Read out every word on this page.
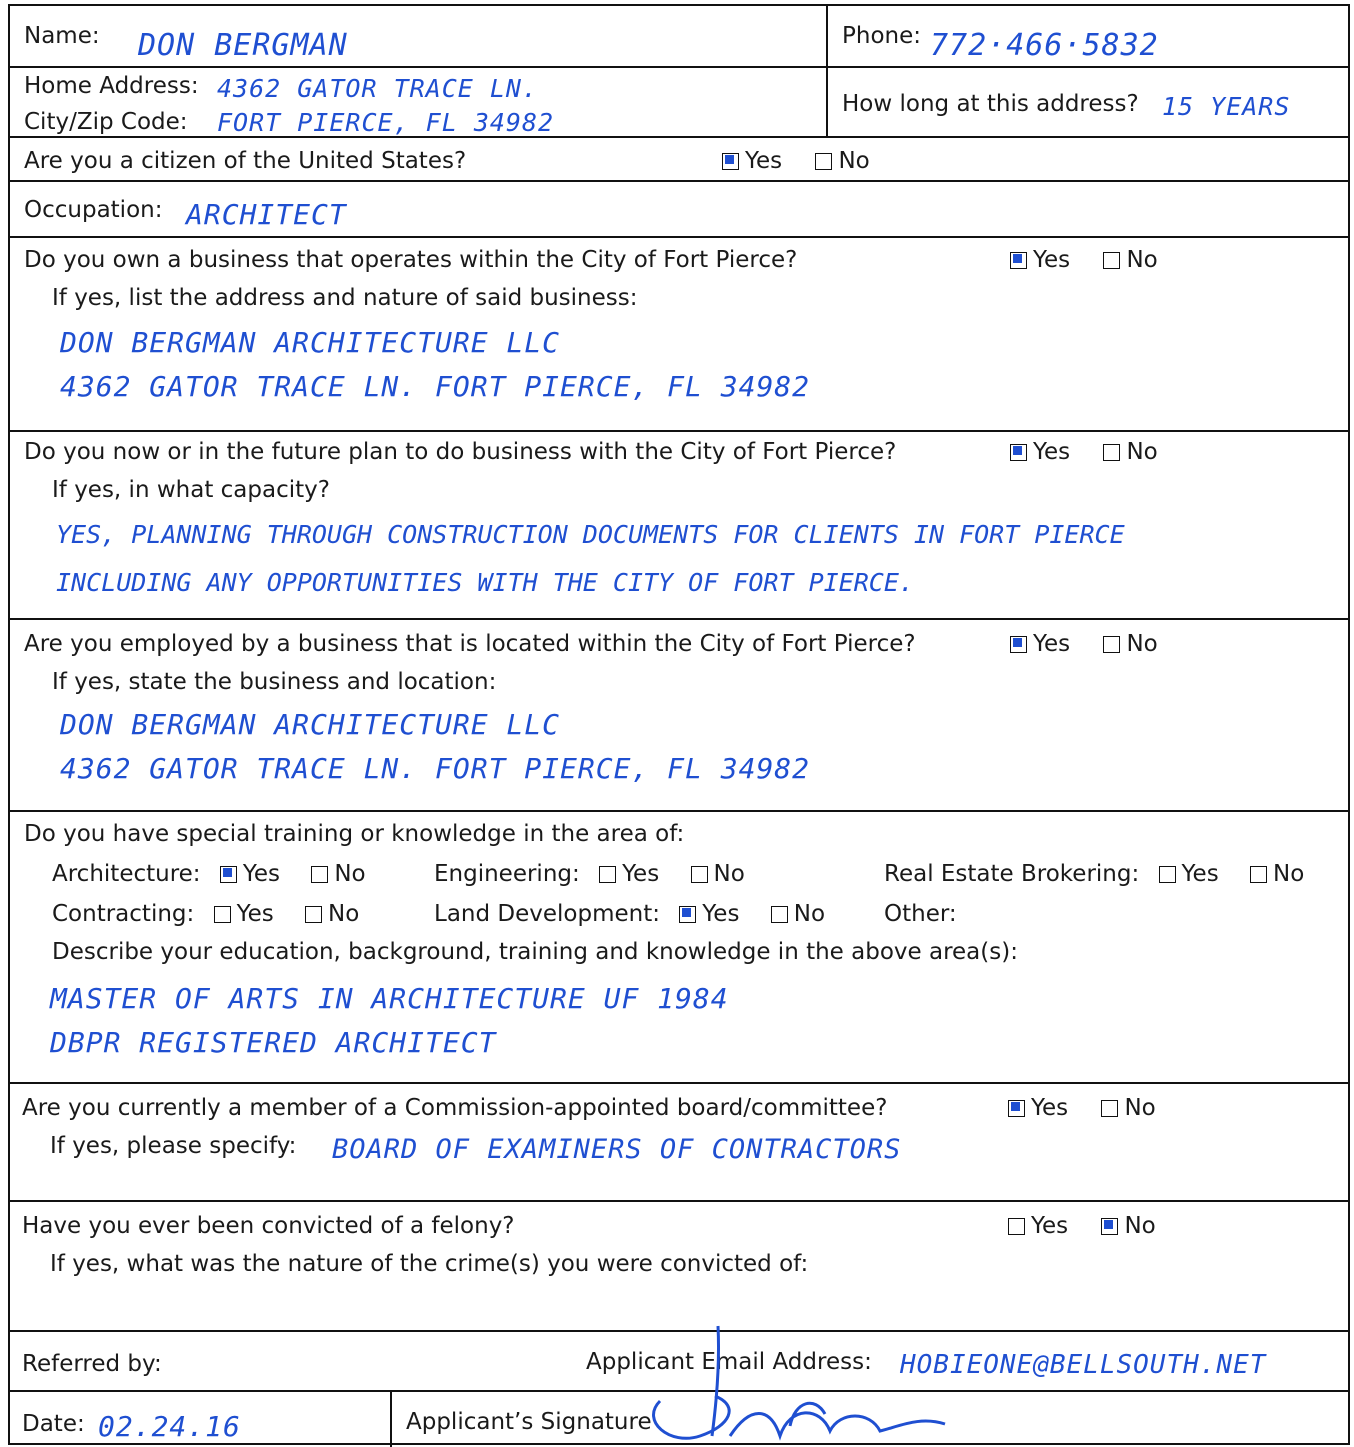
Name: DON BERGMAN	Phone: 772·466·5832
Home Address: 4362 GATOR TRACE LN.
City/Zip Code: FORT PIERCE, FL 34982
How long at this address? 15 YEARS
Are you a citizen of the United States?	Yes No
Occupation: ARCHITECT
Do you own a business that operates within the City of Fort Pierce?	Yes No
If yes, list the address and nature of said business:
DON BERGMAN ARCHITECTURE LLC
4362 GATOR TRACE LN. FORT PIERCE, FL 34982
Do you now or in the future plan to do business with the City of Fort Pierce?	Yes No
If yes, in what capacity?
YES, PLANNING THROUGH CONSTRUCTION DOCUMENTS FOR CLIENTS IN FORT PIERCE
INCLUDING ANY OPPORTUNITIES WITH THE CITY OF FORT PIERCE.
Are you employed by a business that is located within the City of Fort Pierce?	Yes No
If yes, state the business and location:
DON BERGMAN ARCHITECTURE LLC
4362 GATOR TRACE LN. FORT PIERCE, FL 34982
Do you have special training or knowledge in the area of:
Architecture: Yes No	Engineering: Yes No	Real Estate Brokering: Yes No
Contracting: Yes No	Land Development: Yes No	Other:
Describe your education, background, training and knowledge in the above area(s):
MASTER OF ARTS IN ARCHITECTURE UF 1984
DBPR REGISTERED ARCHITECT
Are you currently a member of a Commission-appointed board/committee?	Yes No
If yes, please specify: BOARD OF EXAMINERS OF CONTRACTORS
Have you ever been convicted of a felony?	Yes No
If yes, what was the nature of the crime(s) you were convicted of:
Referred by:	Applicant Email Address: HOBIEONE@BELLSOUTH.NET
Date: 02.24.16	Applicant’s Signature
